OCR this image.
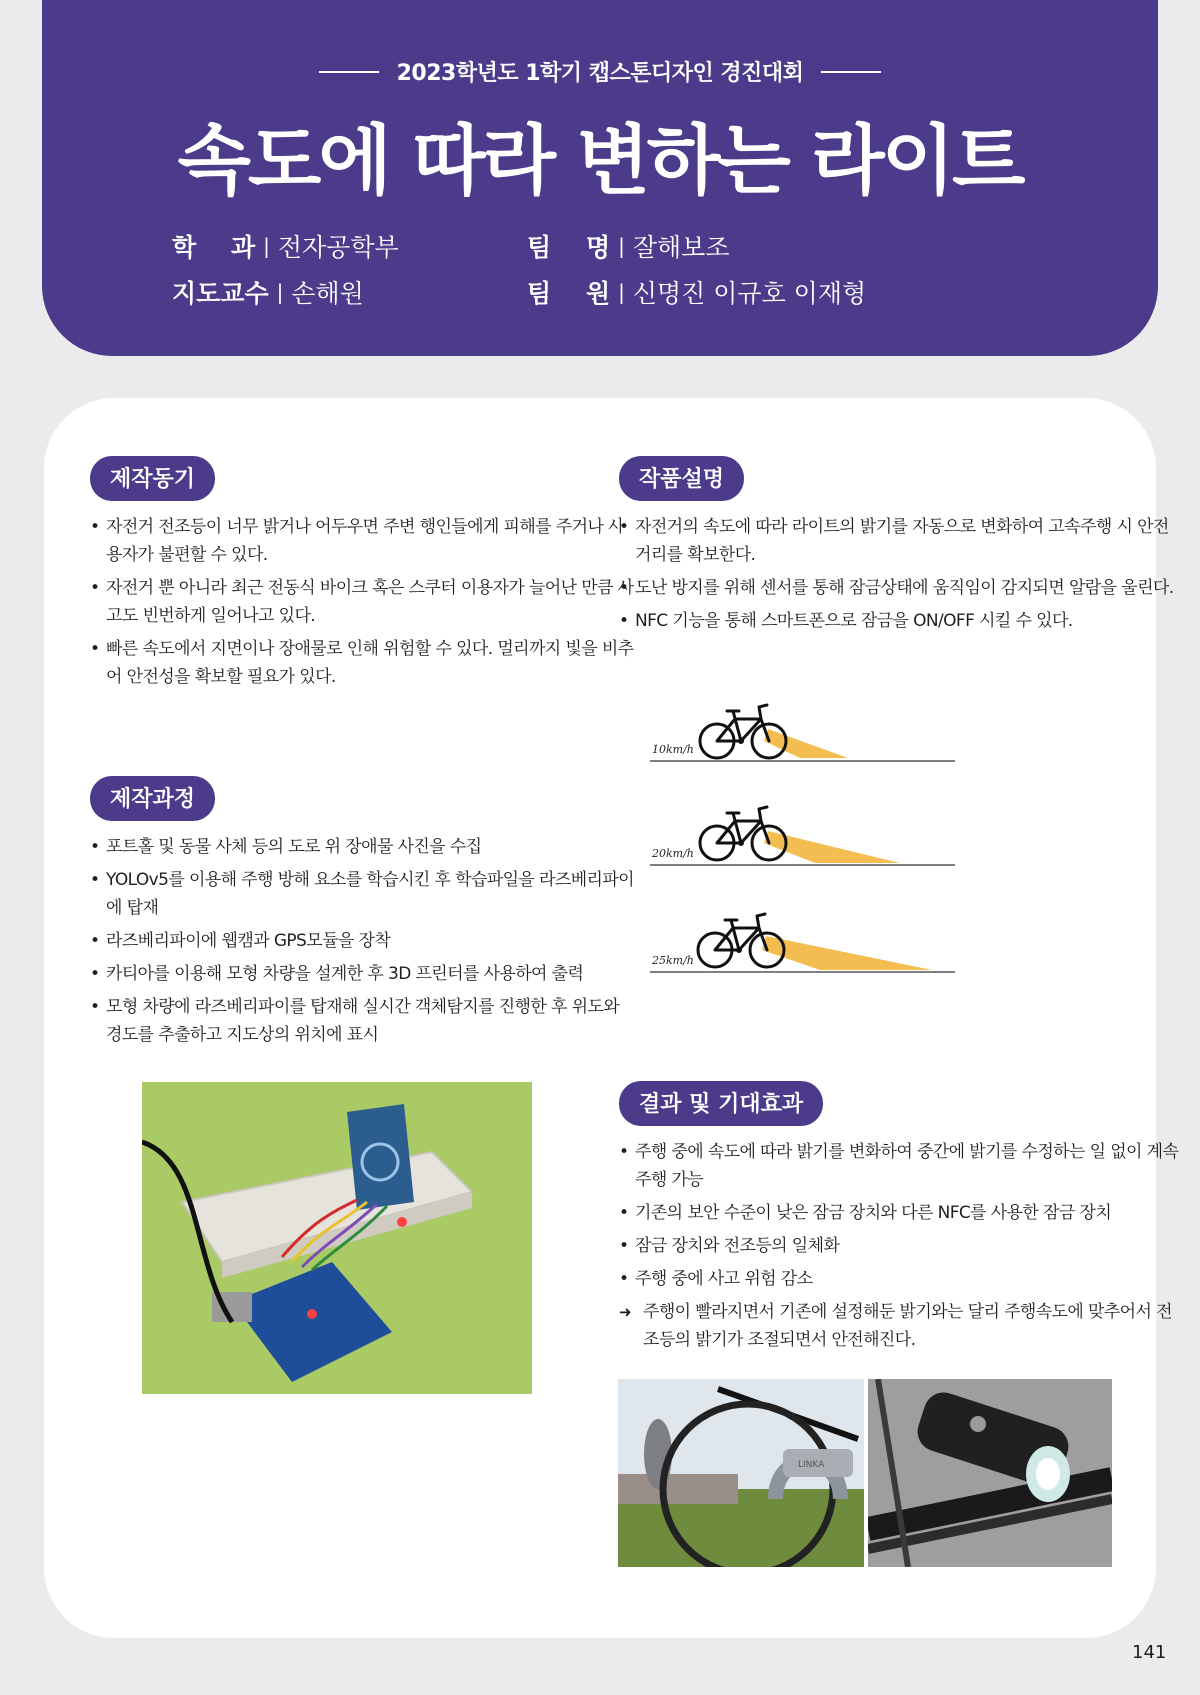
2023학년도 1학기 캡스톤디자인 경진대회
속도에 따라 변하는 라이트
학    과 | 전자공학부	팀    명 | 잘해보조
지도교수 | 손해원	팀    원 | 신명진 이규호 이재형
제작동기
• 자전거 전조등이 너무 밝거나 어두우면 주변 행인들에게 피해를 주거나 사용자가 불편할 수 있다.
• 자전거 뿐 아니라 최근 전동식 바이크 혹은 스쿠터 이용자가 늘어난 만큼 사고도 빈번하게 일어나고 있다.
• 빠른 속도에서 지면이나 장애물로 인해 위험할 수 있다. 멀리까지 빛을 비추어 안전성을 확보할 필요가 있다.
작품설명
• 자전거의 속도에 따라 라이트의 밝기를 자동으로 변화하여 고속주행 시 안전거리를 확보한다.
• 도난 방지를 위해 센서를 통해 잠금상태에 움직임이 감지되면 알람을 울린다.
• NFC 기능을 통해 스마트폰으로 잠금을 ON/OFF 시킬 수 있다.
제작과정
• 포트홀 및 동물 사체 등의 도로 위 장애물 사진을 수집
• YOLOv5를 이용해 주행 방해 요소를 학습시킨 후 학습파일을 라즈베리파이에 탑재
• 라즈베리파이에 웹캠과 GPS모듈을 장착
• 카티아를 이용해 모형 차량을 설계한 후 3D 프린터를 사용하여 출력
• 모형 차량에 라즈베리파이를 탑재해 실시간 객체탐지를 진행한 후 위도와 경도를 추출하고 지도상의 위치에 표시
결과 및 기대효과
• 주행 중에 속도에 따라 밝기를 변화하여 중간에 밝기를 수정하는 일 없이 계속 주행 가능
• 기존의 보안 수준이 낮은 잠금 장치와 다른 NFC를 사용한 잠금 장치
• 잠금 장치와 전조등의 일체화
• 주행 중에 사고 위험 감소
➜ 주행이 빨라지면서 기존에 설정해둔 밝기와는 달리 주행속도에 맞추어서 전조등의 밝기가 조절되면서 안전해진다.
10km/h
20km/h
25km/h
LINKA
141
